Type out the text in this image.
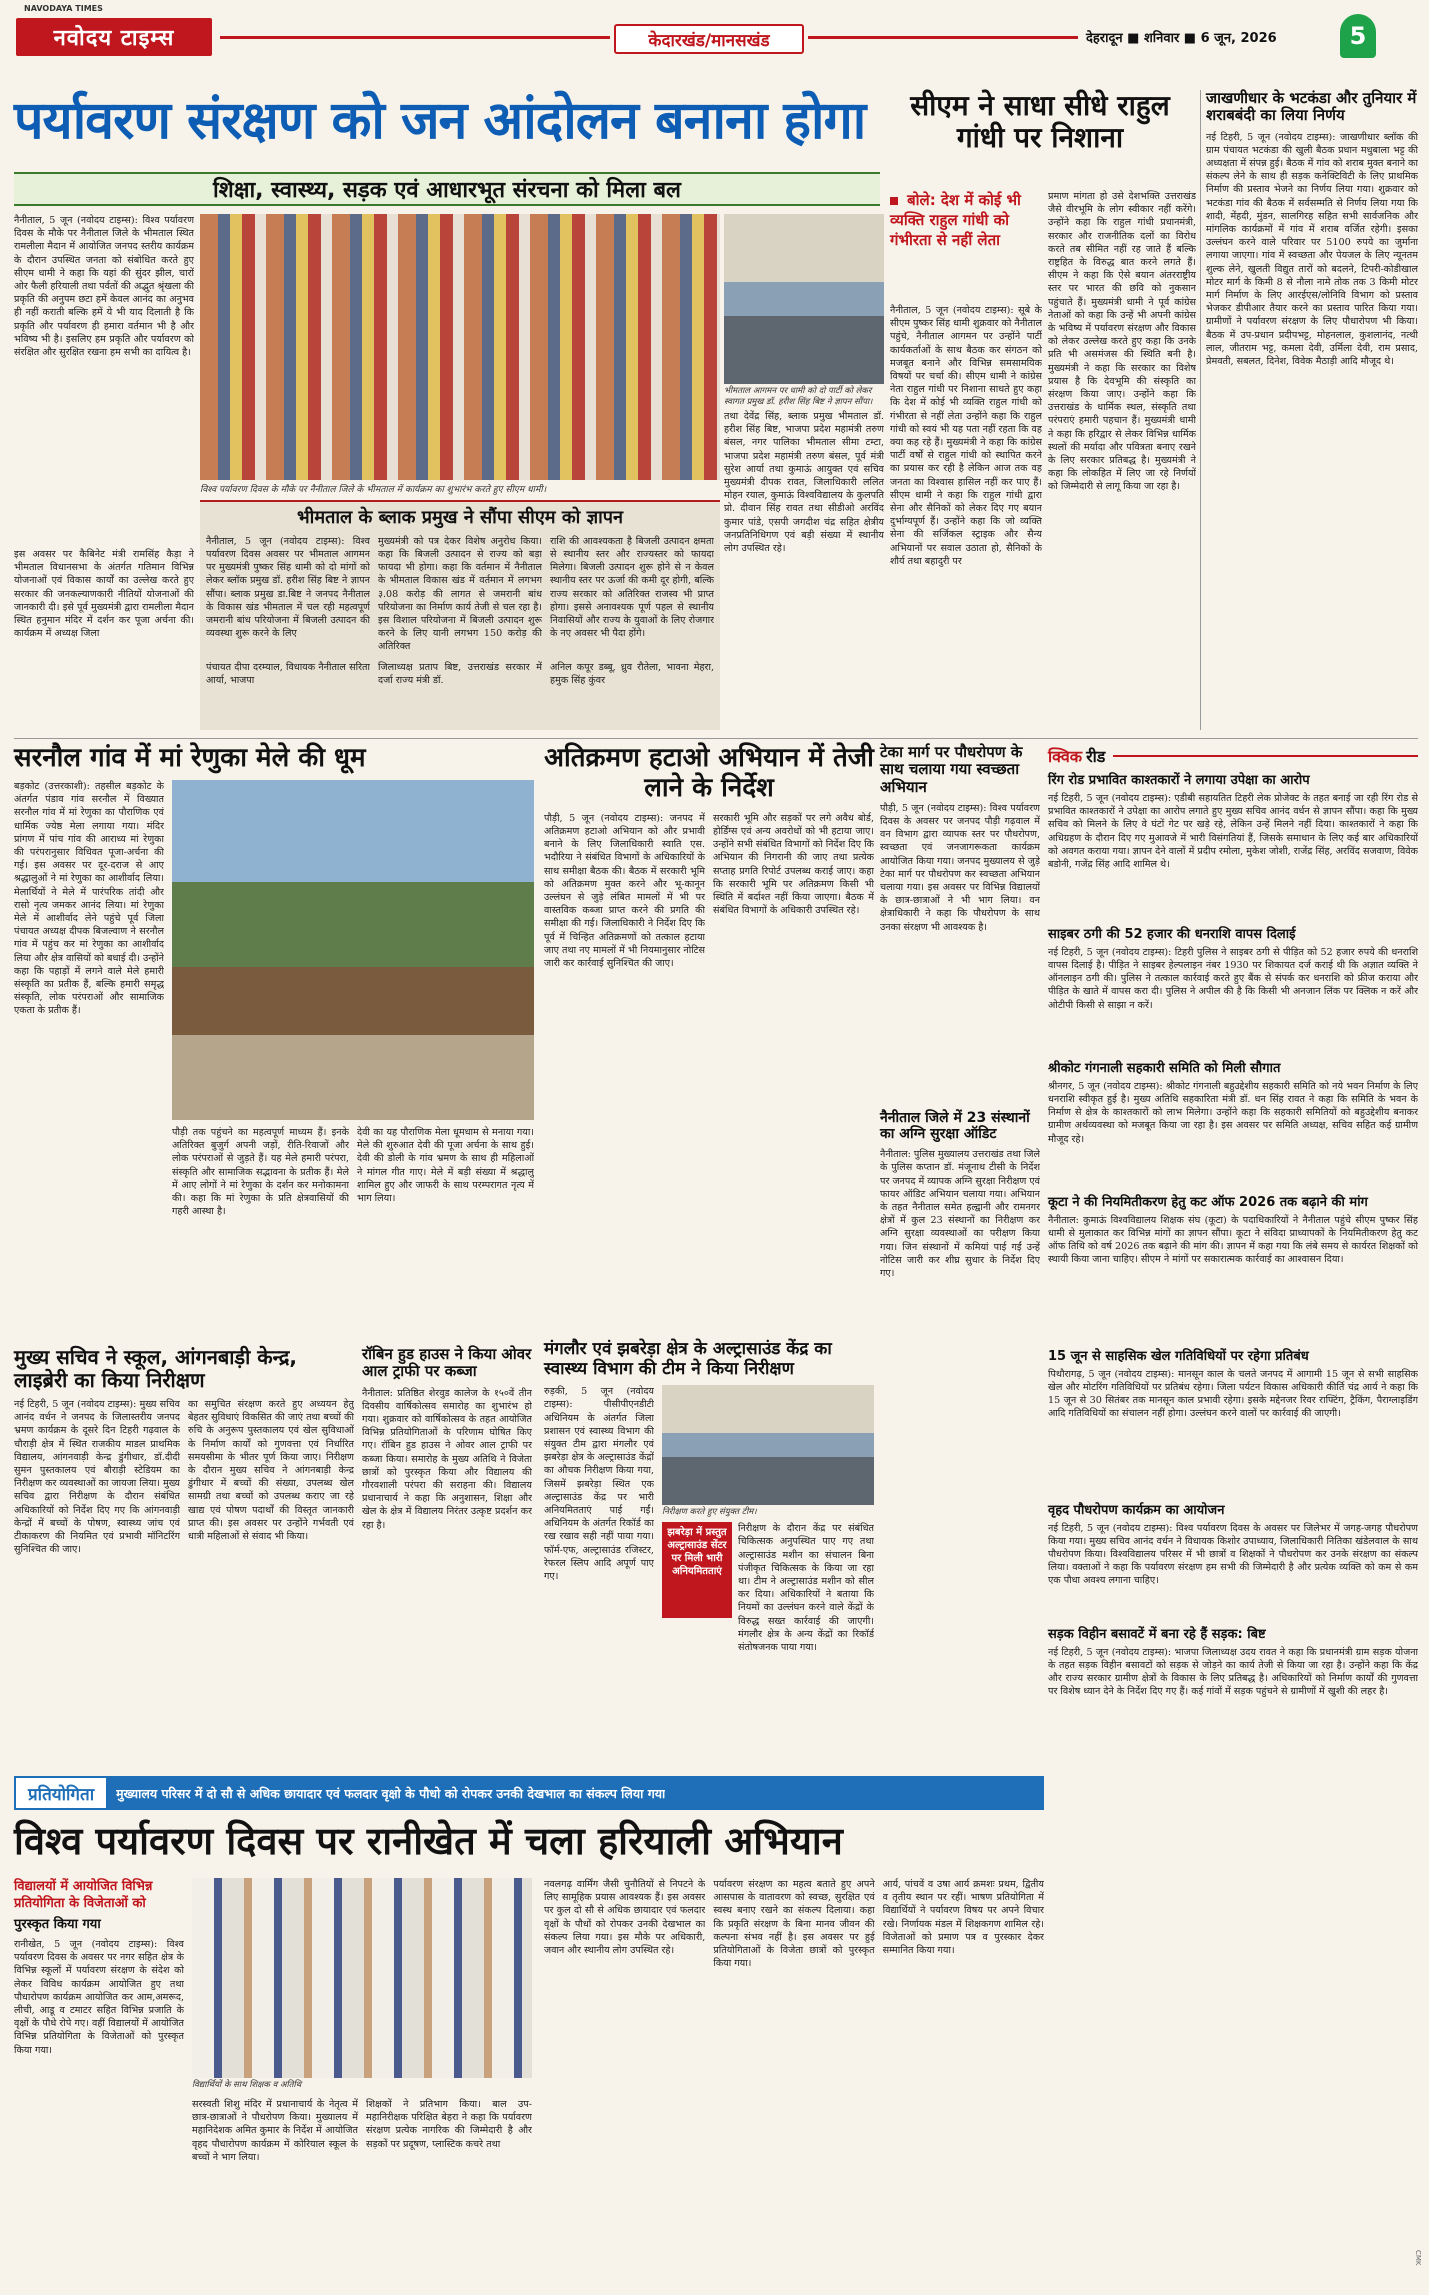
NAVODAYA TIMES
नवोदय टाइम्स	केदारखंड/मानसखंड	देहरादून ■ शनिवार ■ 6 जून, 2026	5
पर्यावरण संरक्षण को जन आंदोलन बनाना होगा
शिक्षा, स्वास्थ्य, सड़क एवं आधारभूत संरचना को मिला बल
सीएम ने साधा सीधे राहुल गांधी पर निशाना
जाखणीधार के भटकंडा और तुनियार में शराबबंदी का लिया निर्णय
नई टिहरी, 5 जून (नवोदय टाइम्स): जाखणीधार ब्लॉक की ग्राम पंचायत भटकंडा की खुली बैठक प्रधान मधुबाला भट्ट की अध्यक्षता में संपन्न हुई। बैठक में गांव को शराब मुक्त बनाने का संकल्प लेने के साथ ही सड़क कनेक्टिविटी के लिए प्राथमिक निर्माण की प्रस्ताव भेजने का निर्णय लिया गया। शुक्रवार को भटकंडा गांव की बैठक में सर्वसम्मति से निर्णय लिया गया कि शादी, मेंहदी, मुंडन, सालगिरह सहित सभी सार्वजनिक और मांगलिक कार्यक्रमों में गांव में शराब वर्जित रहेगी। इसका उल्लंघन करने वाले परिवार पर 5100 रुपये का जुर्माना लगाया जाएगा। गांव में स्वच्छता और पेयजल के लिए न्यूनतम शुल्क लेने, खुलती विद्युत तारों को बदलने, टिपरी-कोडीखाल मोटर मार्ग के किमी 8 से नौला नामे तोक तक 3 किमी मोटर मार्ग निर्माण के लिए आरईएस/लोनिवि विभाग को प्रस्ताव भेजकर डीपीआर तैयार करने का प्रस्ताव पारित किया गया। ग्रामीणों ने पर्यावरण संरक्षण के लिए पौधारोपण भी किया। बैठक में उप-प्रधान प्रदीपभट्ट, मोहनलाल, कुशलानंद, नत्थी लाल, जीतराम भट्ट, कमला देवी, उर्मिला देवी, राम प्रसाद, प्रेमवती, सबलत, दिनेश, विवेक मैठाड़ी आदि मौजूद थे।
नैनीताल, 5 जून (नवोदय टाइम्स): विश्व पर्यावरण दिवस के मौके पर नैनीताल जिले के भीमताल स्थित रामलीला मैदान में आयोजित जनपद स्तरीय कार्यक्रम के दौरान उपस्थित जनता को संबोधित करते हुए सीएम धामी ने कहा कि यहां की सुंदर झील, चारों ओर फैली हरियाली तथा पर्वतों की अद्भुत श्रृंखला की प्रकृति की अनुपम छटा हमें केवल आनंद का अनुभव ही नहीं कराती बल्कि हमें ये भी याद दिलाती है कि प्रकृति और पर्यावरण ही हमारा वर्तमान भी है और भविष्य भी है। इसलिए हम प्रकृति और पर्यावरण को संरक्षित और सुरक्षित रखना हम सभी का दायित्व है।
इस अवसर पर कैबिनेट मंत्री रामसिंह कैड़ा ने भीमताल विधानसभा के अंतर्गत गतिमान विभिन्न योजनाओं एवं विकास कार्यों का उल्लेख करते हुए सरकार की जनकल्याणकारी नीतियों योजनाओं की जानकारी दी। इसे पूर्व मुख्यमंत्री द्वारा रामलीला मैदान स्थित हनुमान मंदिर में दर्शन कर पूजा अर्चना की। कार्यक्रम में अध्यक्ष जिला
विश्व पर्यावरण दिवस के मौके पर नैनीताल जिले के भीमताल में कार्यक्रम का शुभारंभ करते हुए सीएम धामी।
भीमताल आगमन पर धामी को दो पार्टी को लेकर स्वागत प्रमुख डॉ. हरीश सिंह बिष्ट ने ज्ञापन सौंपा।
बोले: देश में कोई भी व्यक्ति राहुल गांधी को गंभीरता से नहीं लेता
नैनीताल, 5 जून (नवोदय टाइम्स): सूबे के सीएम पुष्कर सिंह धामी शुक्रवार को नैनीताल पहुंचे, नैनीताल आगमन पर उन्होंने पार्टी कार्यकर्ताओं के साथ बैठक कर संगठन को मजबूत बनाने और विभिन्न समसामयिक विषयों पर चर्चा की। सीएम धामी ने कांग्रेस नेता राहुल गांधी पर निशाना साधते हुए कहा कि देश में कोई भी व्यक्ति राहुल गांधी को गंभीरता से नहीं लेता उन्होंने कहा कि राहुल गांधी को स्वयं भी यह पता नहीं रहता कि वह क्या कह रहे हैं। मुख्यमंत्री ने कहा कि कांग्रेस पार्टी वर्षों से राहुल गांधी को स्थापित करने का प्रयास कर रही है लेकिन आज तक वह जनता का विश्वास हासिल नहीं कर पाए हैं। सीएम धामी ने कहा कि राहुल गांधी द्वारा सेना और सैनिकों को लेकर दिए गए बयान दुर्भाग्यपूर्ण हैं। उन्होंने कहा कि जो व्यक्ति सेना की सर्जिकल स्ट्राइक और सैन्य अभियानों पर सवाल उठाता हो, सैनिकों के शौर्य तथा बहादुरी पर
प्रमाण मांगता हो उसे देशभक्ति उत्तराखंड जैसे वीरभूमि के लोग स्वीकार नहीं करेंगे। उन्होंने कहा कि राहुल गांधी प्रधानमंत्री, सरकार और राजनीतिक दलों का विरोध करते तब सीमित नहीं रह जाते हैं बल्कि राष्ट्रहित के विरुद्ध बात करने लगते हैं। सीएम ने कहा कि ऐसे बयान अंतरराष्ट्रीय स्तर पर भारत की छवि को नुकसान पहुंचाते हैं। मुख्यमंत्री धामी ने पूर्व कांग्रेस नेताओं को कहा कि उन्हें भी अपनी कांग्रेस के भविष्य में पर्यावरण संरक्षण और विकास को लेकर उल्लेख करते हुए कहा कि उनके प्रति भी असमंजस की स्थिति बनी है। मुख्यमंत्री ने कहा कि सरकार का विशेष प्रयास है कि देवभूमि की संस्कृति का संरक्षण किया जाए। उन्होंने कहा कि उत्तराखंड के धार्मिक स्थल, संस्कृति तथा परंपराएं हमारी पहचान हैं। मुख्यमंत्री धामी ने कहा कि हरिद्वार से लेकर विभिन्न धार्मिक स्थलों की मर्यादा और पवित्रता बनाए रखने के लिए सरकार प्रतिबद्ध है। मुख्यमंत्री ने कहा कि लोकहित में लिए जा रहे निर्णयों को जिम्मेदारी से लागू किया जा रहा है।
तथा देवेंद्र सिंह, ब्लाक प्रमुख भीमताल डॉ. हरीश सिंह बिष्ट, भाजपा प्रदेश महामंत्री तरुण बंसल, नगर पालिका भीमताल सीमा टम्टा, भाजपा प्रदेश महामंत्री तरुण बंसल, पूर्व मंत्री सुरेश आर्या तथा कुमाऊं आयुक्त एवं सचिव मुख्यमंत्री दीपक रावत, जिलाधिकारी ललित मोहन रयाल, कुमाऊं विश्वविद्यालय के कुलपति प्रो. दीवान सिंह रावत तथा सीडीओ अरविंद कुमार पांडे, एसपी जगदीश चंद्र सहित क्षेत्रीय जनप्रतिनिधिगण एवं बड़ी संख्या में स्थानीय लोग उपस्थित रहे।
भीमताल के ब्लाक प्रमुख ने सौंपा सीएम को ज्ञापन
नैनीताल, 5 जून (नवोदय टाइम्स): विश्व पर्यावरण दिवस अवसर पर भीमताल आगमन पर मुख्यमंत्री पुष्कर सिंह धामी को दो मांगों को लेकर ब्लॉक प्रमुख डॉ. हरीश सिंह बिष्ट ने ज्ञापन सौंपा। ब्लाक प्रमुख डा.बिष्ट ने जनपद नैनीताल के विकास खंड भीमताल में चल रही महत्वपूर्ण जमरानी बांध परियोजना में बिजली उत्पादन की व्यवस्था शुरू करने के लिए
मुख्यमंत्री को पत्र देकर विशेष अनुरोध किया। कहा कि बिजली उत्पादन से राज्य को बड़ा फायदा भी होगा। कहा कि वर्तमान में नैनीताल के भीमताल विकास खंड में वर्तमान में लगभग ३.08 करोड़ की लागत से जमरानी बांध परियोजना का निर्माण कार्य तेजी से चल रहा है। इस विशाल परियोजना में बिजली उत्पादन शुरू करने के लिए यानी लगभग 150 करोड़ की अतिरिक्त
राशि की आवश्यकता है बिजली उत्पादन क्षमता से स्थानीय स्तर और राज्यस्तर को फायदा मिलेगा। बिजली उत्पादन शुरू होने से न केवल स्थानीय स्तर पर ऊर्जा की कमी दूर होगी, बल्कि राज्य सरकार को अतिरिक्त राजस्व भी प्राप्त होगा। इससे अनावश्यक पूर्ण पहल से स्थानीय निवासियों और राज्य के युवाओं के लिए रोजगार के नए अवसर भी पैदा होंगे।
पंचायत दीपा दरम्याल, विधायक नैनीताल सरिता आर्या, भाजपा
जिलाध्यक्ष प्रताप बिष्ट, उत्तराखंड सरकार में दर्जा राज्य मंत्री डॉ.
अनिल कपूर डब्बू, ध्रुव रौतेला, भावना मेहरा, हमुक सिंह कुंवर
सरनौल गांव में मां रेणुका मेले की धूम
बड़कोट (उत्तरकाशी): तहसील बड़कोट के अंतर्गत पंडाव गांव सरनौल में विख्यात सरनौल गांव में मां रेणुका का पौराणिक एवं धार्मिक ज्येष्ठ मेला लगाया गया। मंदिर प्रांगण में पांच गांव की आराध्य मां रेणुका की परंपरानुसार विधिवत पूजा-अर्चना की गई। इस अवसर पर दूर-दराज से आए श्रद्धालुओं ने मां रेणुका का आशीर्वाद लिया। मेलार्थियों ने मेले में पारंपरिक तांदी और रासो नृत्य जमकर आनंद लिया। मां रेणुका मेले में आशीर्वाद लेने पहुंचे पूर्व जिला पंचायत अध्यक्ष दीपक बिजल्वाण ने सरनौल गांव में पहुंच कर मां रेणुका का आशीर्वाद लिया और क्षेत्र वासियों को बधाई दी। उन्होंने कहा कि पहाड़ों में लगने वाले मेले हमारी संस्कृति का प्रतीक हैं, बल्कि हमारी समृद्ध संस्कृति, लोक परंपराओं और सामाजिक एकता के प्रतीक हैं।
पौड़ी तक पहुंचने का महत्वपूर्ण माध्यम हैं। इनके अतिरिक्त बुजुर्ग अपनी जड़ों, रीति-रिवाजों और लोक परंपराओं से जुड़ते हैं। यह मेले हमारी परंपरा, संस्कृति और सामाजिक सद्भावना के प्रतीक हैं। मेले में आए लोगों ने मां रेणुका के दर्शन कर मनोकामना की। कहा कि मां रेणुका के प्रति क्षेत्रवासियों की गहरी आस्था है।
देवी का यह पौराणिक मेला धूमधाम से मनाया गया। मेले की शुरुआत देवी की पूजा अर्चना के साथ हुई। देवी की डोली के गांव भ्रमण के साथ ही महिलाओं ने मांगल गीत गाए। मेले में बड़ी संख्या में श्रद्धालु शामिल हुए और जाफरी के साथ परम्परागत नृत्य में भाग लिया।
अतिक्रमण हटाओ अभियान में तेजी लाने के निर्देश
पौड़ी, 5 जून (नवोदय टाइम्स): जनपद में अतिक्रमण हटाओ अभियान को और प्रभावी बनाने के लिए जिलाधिकारी स्वाति एस. भदौरिया ने संबंधित विभागों के अधिकारियों के साथ समीक्षा बैठक की। बैठक में सरकारी भूमि को अतिक्रमण मुक्त करने और भू-कानून उल्लंघन से जुड़े लंबित मामलों में भी पर वास्तविक कब्जा प्राप्त करने की प्रगति की समीक्षा की गई। जिलाधिकारी ने निर्देश दिए कि पूर्व में चिन्हित अतिक्रमणों को तत्काल हटाया जाए तथा नए मामलों में भी नियमानुसार नोटिस जारी कर कार्रवाई सुनिश्चित की जाए।
सरकारी भूमि और सड़कों पर लगे अवैध बोर्ड, होर्डिंग्स एवं अन्य अवरोधों को भी हटाया जाए। उन्होंने सभी संबंधित विभागों को निर्देश दिए कि अभियान की निगरानी की जाए तथा प्रत्येक सप्ताह प्रगति रिपोर्ट उपलब्ध कराई जाए। कहा कि सरकारी भूमि पर अतिक्रमण किसी भी स्थिति में बर्दाश्त नहीं किया जाएगा। बैठक में संबंधित विभागों के अधिकारी उपस्थित रहे।
टेका मार्ग पर पौधरोपण के साथ चलाया गया स्वच्छता अभियान
पौड़ी, 5 जून (नवोदय टाइम्स): विश्व पर्यावरण दिवस के अवसर पर जनपद पौड़ी गढ़वाल में वन विभाग द्वारा व्यापक स्तर पर पौधरोपण, स्वच्छता एवं जनजागरूकता कार्यक्रम आयोजित किया गया। जनपद मुख्यालय से जुड़े टेका मार्ग पर पौधरोपण कर स्वच्छता अभियान चलाया गया। इस अवसर पर विभिन्न विद्यालयों के छात्र-छात्राओं ने भी भाग लिया। वन क्षेत्राधिकारी ने कहा कि पौधरोपण के साथ उनका संरक्षण भी आवश्यक है।
नैनीताल जिले में 23 संस्थानों का अग्नि सुरक्षा ऑडिट
नैनीताल: पुलिस मुख्यालय उत्तराखंड तथा जिले के पुलिस कप्तान डॉ. मंजूनाथ टीसी के निर्देश पर जनपद में व्यापक अग्नि सुरक्षा निरीक्षण एवं फायर ऑडिट अभियान चलाया गया। अभियान के तहत नैनीताल समेत हल्द्वानी और रामनगर क्षेत्रों में कुल 23 संस्थानों का निरीक्षण कर अग्नि सुरक्षा व्यवस्थाओं का परीक्षण किया गया। जिन संस्थानों में कमियां पाई गईं उन्हें नोटिस जारी कर शीघ्र सुधार के निर्देश दिए गए।
क्विक रीड
रिंग रोड प्रभावित काश्तकारों ने लगाया उपेक्षा का आरोप
नई टिहरी, 5 जून (नवोदय टाइम्स): एडीबी सहायतित टिहरी लेक प्रोजेक्ट के तहत बनाई जा रही रिंग रोड से प्रभावित काश्तकारों ने उपेक्षा का आरोप लगाते हुए मुख्य सचिव आनंद वर्धन से ज्ञापन सौंपा। कहा कि मुख्य सचिव को मिलने के लिए वे घंटों गेट पर खड़े रहे, लेकिन उन्हें मिलने नहीं दिया। काश्तकारों ने कहा कि अधिग्रहण के दौरान दिए गए मुआवजे में भारी विसंगतियां हैं, जिसके समाधान के लिए कई बार अधिकारियों को अवगत कराया गया। ज्ञापन देने वालों में प्रदीप रमोला, मुकेश जोशी, राजेंद्र सिंह, अरविंद सजवाण, विवेक बडोनी, गजेंद्र सिंह आदि शामिल थे।
साइबर ठगी की 52 हजार की धनराशि वापस दिलाई
नई टिहरी, 5 जून (नवोदय टाइम्स): टिहरी पुलिस ने साइबर ठगी से पीड़ित को 52 हजार रुपये की धनराशि वापस दिलाई है। पीड़ित ने साइबर हेल्पलाइन नंबर 1930 पर शिकायत दर्ज कराई थी कि अज्ञात व्यक्ति ने ऑनलाइन ठगी की। पुलिस ने तत्काल कार्रवाई करते हुए बैंक से संपर्क कर धनराशि को फ्रीज कराया और पीड़ित के खाते में वापस करा दी। पुलिस ने अपील की है कि किसी भी अनजान लिंक पर क्लिक न करें और ओटीपी किसी से साझा न करें।
श्रीकोट गंगनाली सहकारी समिति को मिली सौगात
श्रीनगर, 5 जून (नवोदय टाइम्स): श्रीकोट गंगनाली बहुउद्देशीय सहकारी समिति को नये भवन निर्माण के लिए धनराशि स्वीकृत हुई है। मुख्य अतिथि सहकारिता मंत्री डॉ. धन सिंह रावत ने कहा कि समिति के भवन के निर्माण से क्षेत्र के काश्तकारों को लाभ मिलेगा। उन्होंने कहा कि सहकारी समितियों को बहुउद्देशीय बनाकर ग्रामीण अर्थव्यवस्था को मजबूत किया जा रहा है। इस अवसर पर समिति अध्यक्ष, सचिव सहित कई ग्रामीण मौजूद रहे।
कूटा ने की नियमितीकरण हेतु कट ऑफ 2026 तक बढ़ाने की मांग
नैनीताल: कुमाऊं विश्वविद्यालय शिक्षक संघ (कूटा) के पदाधिकारियों ने नैनीताल पहुंचे सीएम पुष्कर सिंह धामी से मुलाकात कर विभिन्न मांगों का ज्ञापन सौंपा। कूटा ने संविदा प्राध्यापकों के नियमितीकरण हेतु कट ऑफ तिथि को वर्ष 2026 तक बढ़ाने की मांग की। ज्ञापन में कहा गया कि लंबे समय से कार्यरत शिक्षकों को स्थायी किया जाना चाहिए। सीएम ने मांगों पर सकारात्मक कार्रवाई का आश्वासन दिया।
15 जून से साहसिक खेल गतिविधियों पर रहेगा प्रतिबंध
पिथौरागढ़, 5 जून (नवोदय टाइम्स): मानसून काल के चलते जनपद में आगामी 15 जून से सभी साहसिक खेल और मोटरिंग गतिविधियों पर प्रतिबंध रहेगा। जिला पर्यटन विकास अधिकारी कीर्ति चंद्र आर्य ने कहा कि 15 जून से 30 सितंबर तक मानसून काल प्रभावी रहेगा। इसके मद्देनजर रिवर राफ्टिंग, ट्रैकिंग, पैराग्लाइडिंग आदि गतिविधियों का संचालन नहीं होगा। उल्लंघन करने वालों पर कार्रवाई की जाएगी।
वृहद पौधरोपण कार्यक्रम का आयोजन
नई टिहरी, 5 जून (नवोदय टाइम्स): विश्व पर्यावरण दिवस के अवसर पर जिलेभर में जगह-जगह पौधरोपण किया गया। मुख्य सचिव आनंद वर्धन ने विधायक किशोर उपाध्याय, जिलाधिकारी नितिका खंडेलवाल के साथ पौधरोपण किया। विश्वविद्यालय परिसर में भी छात्रों व शिक्षकों ने पौधरोपण कर उनके संरक्षण का संकल्प लिया। वक्ताओं ने कहा कि पर्यावरण संरक्षण हम सभी की जिम्मेदारी है और प्रत्येक व्यक्ति को कम से कम एक पौधा अवश्य लगाना चाहिए।
सड़क विहीन बसावटें में बना रहे हैं सड़क: बिष्ट
नई टिहरी, 5 जून (नवोदय टाइम्स): भाजपा जिलाध्यक्ष उदय रावत ने कहा कि प्रधानमंत्री ग्राम सड़क योजना के तहत सड़क विहीन बसावटों को सड़क से जोड़ने का कार्य तेजी से किया जा रहा है। उन्होंने कहा कि केंद्र और राज्य सरकार ग्रामीण क्षेत्रों के विकास के लिए प्रतिबद्ध है। अधिकारियों को निर्माण कार्यों की गुणवत्ता पर विशेष ध्यान देने के निर्देश दिए गए हैं। कई गांवों में सड़क पहुंचने से ग्रामीणों में खुशी की लहर है।
मुख्य सचिव ने स्कूल, आंगनबाड़ी केन्द्र, लाइब्रेरी का किया निरीक्षण
नई टिहरी, 5 जून (नवोदय टाइम्स): मुख्य सचिव आनंद वर्धन ने जनपद के जिलास्तरीय जनपद भ्रमण कार्यक्रम के दूसरे दिन टिहरी गढ़वाल के चौराड़ी क्षेत्र में स्थित राजकीय माडल प्राथमिक विद्यालय, आंगनवाड़ी केन्द्र डुंगीधार, डॉ.दीदी सुमन पुस्तकालय एवं बौराड़ी स्टेडियम का निरीक्षण कर व्यवस्थाओं का जायजा लिया। मुख्य सचिव द्वारा निरीक्षण के दौरान संबंधित अधिकारियों को निर्देश दिए गए कि आंगनवाड़ी केन्द्रों में बच्चों के पोषण, स्वास्थ्य जांच एवं टीकाकरण की नियमित एवं प्रभावी मॉनिटरिंग सुनिश्चित की जाए।
का समुचित संरक्षण करते हुए अध्ययन हेतु बेहतर सुविधाएं विकसित की जाएं तथा बच्चों की रुचि के अनुरूप पुस्तकालय एवं खेल सुविधाओं के निर्माण कार्यों को गुणवत्ता एवं निर्धारित समयसीमा के भीतर पूर्ण किया जाए। निरीक्षण के दौरान मुख्य सचिव ने आंगनबाड़ी केन्द्र डुंगीधार में बच्चों की संख्या, उपलब्ध खेल सामग्री तथा बच्चों को उपलब्ध कराए जा रहे खाद्य एवं पोषण पदार्थों की विस्तृत जानकारी प्राप्त की। इस अवसर पर उन्होंने गर्भवती एवं धात्री महिलाओं से संवाद भी किया।
रॉबिन हुड हाउस ने किया ओवर आल ट्राफी पर कब्जा
नैनीताल: प्रतिष्ठित शेरवुड कालेज के १५०वें तीन दिवसीय वार्षिकोत्सव समारोह का शुभारंभ हो गया। शुक्रवार को वार्षिकोत्सव के तहत आयोजित विभिन्न प्रतियोगिताओं के परिणाम घोषित किए गए। रॉबिन हुड हाउस ने ओवर आल ट्राफी पर कब्जा किया। समारोह के मुख्य अतिथि ने विजेता छात्रों को पुरस्कृत किया और विद्यालय की गौरवशाली परंपरा की सराहना की। विद्यालय प्रधानाचार्य ने कहा कि अनुशासन, शिक्षा और खेल के क्षेत्र में विद्यालय निरंतर उत्कृष्ट प्रदर्शन कर रहा है।
मंगलौर एवं झबरेड़ा क्षेत्र के अल्ट्रासाउंड केंद्र का स्वास्थ्य विभाग की टीम ने किया निरीक्षण
रुड़की, 5 जून (नवोदय टाइम्स): पीसीपीएनडीटी अधिनियम के अंतर्गत जिला प्रशासन एवं स्वास्थ्य विभाग की संयुक्त टीम द्वारा मंगलौर एवं झबरेड़ा क्षेत्र के अल्ट्रासाउंड केंद्रों का औचक निरीक्षण किया गया, जिसमें झबरेड़ा स्थित एक अल्ट्रासाउंड केंद्र पर भारी अनियमितताएं पाई गईं। अधिनियम के अंतर्गत रिकॉर्ड का रख रखाव सही नहीं पाया गया। फॉर्म-एफ, अल्ट्रासाउंड रजिस्टर, रेफरल स्लिप आदि अपूर्ण पाए गए।
निरीक्षण करते हुए संयुक्त टीम।
झबरेड़ा में प्रस्तुत अल्ट्रासाउंड सेंटर पर मिली भारी अनियमितताएं
निरीक्षण के दौरान केंद्र पर संबंधित चिकित्सक अनुपस्थित पाए गए तथा अल्ट्रासाउंड मशीन का संचालन बिना पंजीकृत चिकित्सक के किया जा रहा था। टीम ने अल्ट्रासाउंड मशीन को सील कर दिया। अधिकारियों ने बताया कि नियमों का उल्लंघन करने वाले केंद्रों के विरुद्ध सख्त कार्रवाई की जाएगी। मंगलौर क्षेत्र के अन्य केंद्रों का रिकॉर्ड संतोषजनक पाया गया।
प्रतियोगिता मुख्यालय परिसर में दो सौ से अधिक छायादार एवं फलदार वृक्षो के पौधो को रोपकर उनकी देखभाल का संकल्प लिया गया
विश्व पर्यावरण दिवस पर रानीखेत में चला हरियाली अभियान
विद्यालयों में आयोजित विभिन्न प्रतियोगिता के विजेताओं को
पुरस्कृत किया गया
रानीखेत, 5 जून (नवोदय टाइम्स): विश्व पर्यावरण दिवस के अवसर पर नगर सहित क्षेत्र के विभिन्न स्कूलों में पर्यावरण संरक्षण के संदेश को लेकर विविध कार्यक्रम आयोजित हुए तथा पौधारोपण कार्यक्रम आयोजित कर आम,अमरूद, लीची, आडू व टमाटर सहित विभिन्न प्रजाति के वृक्षों के पौधे रोपे गए। वहीं विद्यालयों में आयोजित विभिन्न प्रतियोगिता के विजेताओं को पुरस्कृत किया गया।
विद्यार्थियों के साथ शिक्षक व अतिथि
सरस्वती शिशु मंदिर में प्रधानाचार्य के नेतृत्व में छात्र-छात्राओं ने पौधरोपण किया। मुख्यालय में महानिदेशक अमित कुमार के निर्देश में आयोजित वृहद पौधारोपण कार्यक्रम में कोरियाल स्कूल के बच्चों ने भाग लिया।
शिक्षकों ने प्रतिभाग किया। बाल उप-महानिरीक्षक परिक्षित बेहरा ने कहा कि पर्यावरण संरक्षण प्रत्येक नागरिक की जिम्मेदारी है और सड़कों पर प्रदूषण, प्लास्टिक कचरे तथा
नवलगढ़ वार्मिंग जैसी चुनौतियों से निपटने के लिए सामूहिक प्रयास आवश्यक हैं। इस अवसर पर कुल दो सौ से अधिक छायादार एवं फलदार वृक्षों के पौधों को रोपकर उनकी देखभाल का संकल्प लिया गया। इस मौके पर अधिकारी, जवान और स्थानीय लोग उपस्थित रहे।
पर्यावरण संरक्षण का महत्व बताते हुए अपने आसपास के वातावरण को स्वच्छ, सुरक्षित एवं स्वस्थ बनाए रखने का संकल्प दिलाया। कहा कि प्रकृति संरक्षण के बिना मानव जीवन की कल्पना संभव नहीं है। इस अवसर पर हुई प्रतियोगिताओं के विजेता छात्रों को पुरस्कृत किया गया।
आर्य, पांचवें व उषा आर्य क्रमशः प्रथम, द्वितीय व तृतीय स्थान पर रहीं। भाषण प्रतियोगिता में विद्यार्थियों ने पर्यावरण विषय पर अपने विचार रखे। निर्णायक मंडल में शिक्षकगण शामिल रहे। विजेताओं को प्रमाण पत्र व पुरस्कार देकर सम्मानित किया गया।
CMK
